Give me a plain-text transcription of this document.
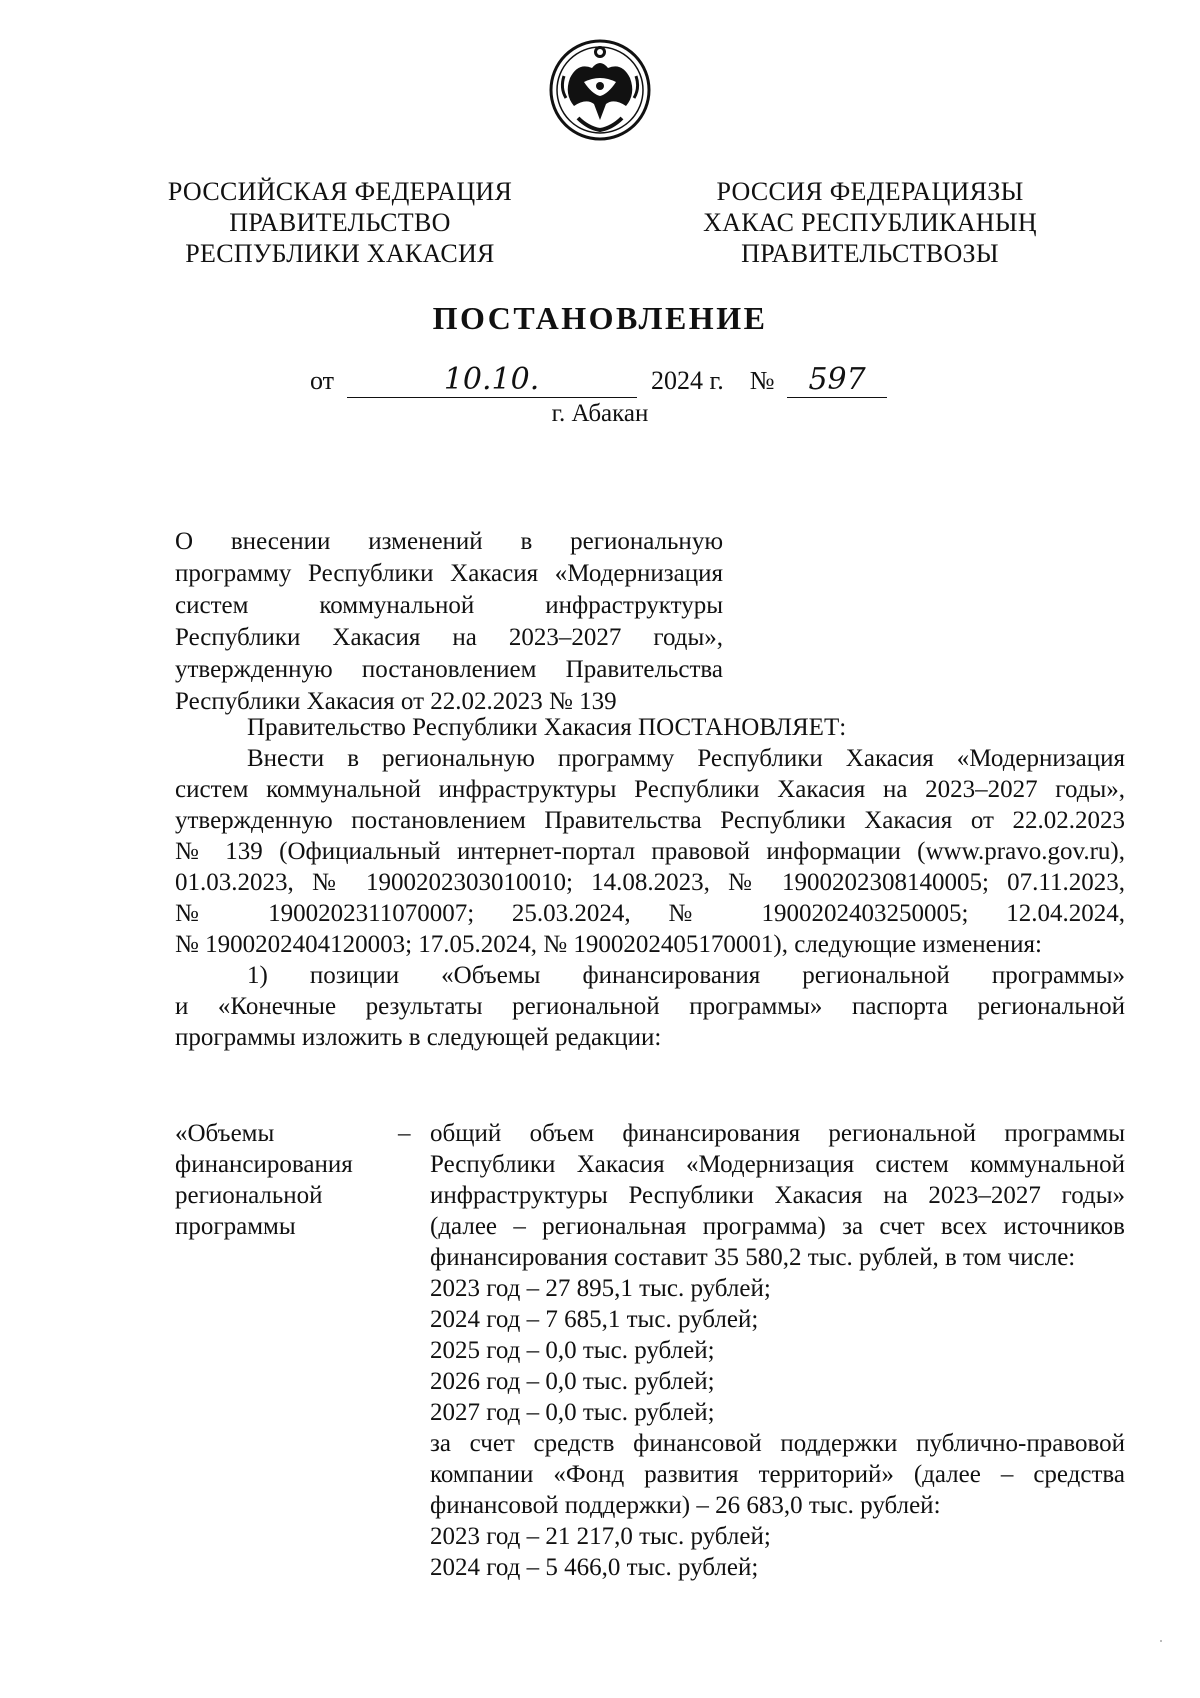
РОССИЙСКАЯ ФЕДЕРАЦИЯ
ПРАВИТЕЛЬСТВО
РЕСПУБЛИКИ ХАКАСИЯ
РОССИЯ ФЕДЕРАЦИЯЗЫ
ХАКАС РЕСПУБЛИКАНЫҢ
ПРАВИТЕЛЬСТВОЗЫ
ПОСТАНОВЛЕНИЕ
от	10.10.	2024 г. № 597
г. Абакан
О внесении изменений в региональную
программу Республики Хакасия «Модернизация
систем коммунальной инфраструктуры
Республики Хакасия на 2023–2027 годы»,
утвержденную постановлением Правительства
Республики Хакасия от 22.02.2023 № 139
Правительство Республики Хакасия ПОСТАНОВЛЯЕТ:
Внести в региональную программу Республики Хакасия «Модернизация
систем коммунальной инфраструктуры Республики Хакасия на 2023–2027 годы»,
утвержденную постановлением Правительства Республики Хакасия от 22.02.2023
№ 139 (Официальный интернет-портал правовой информации (www.pravo.gov.ru),
01.03.2023, № 1900202303010010; 14.08.2023, № 1900202308140005; 07.11.2023,
№ 1900202311070007; 25.03.2024, № 1900202403250005; 12.04.2024,
№ 1900202404120003; 17.05.2024, № 1900202405170001), следующие изменения:
1) позиции «Объемы финансирования региональной программы»
и «Конечные результаты региональной программы» паспорта региональной
программы изложить в следующей редакции:
«Объемы
финансирования
региональной
программы
– общий объем финансирования региональной программы
Республики Хакасия «Модернизация систем коммунальной
инфраструктуры Республики Хакасия на 2023–2027 годы»
(далее – региональная программа) за счет всех источников
финансирования составит 35 580,2 тыс. рублей, в том числе:
2023 год – 27 895,1 тыс. рублей;
2024 год – 7 685,1 тыс. рублей;
2025 год – 0,0 тыс. рублей;
2026 год – 0,0 тыс. рублей;
2027 год – 0,0 тыс. рублей;
за счет средств финансовой поддержки публично-правовой
компании «Фонд развития территорий» (далее – средства
финансовой поддержки) – 26 683,0 тыс. рублей:
2023 год – 21 217,0 тыс. рублей;
2024 год – 5 466,0 тыс. рублей;
